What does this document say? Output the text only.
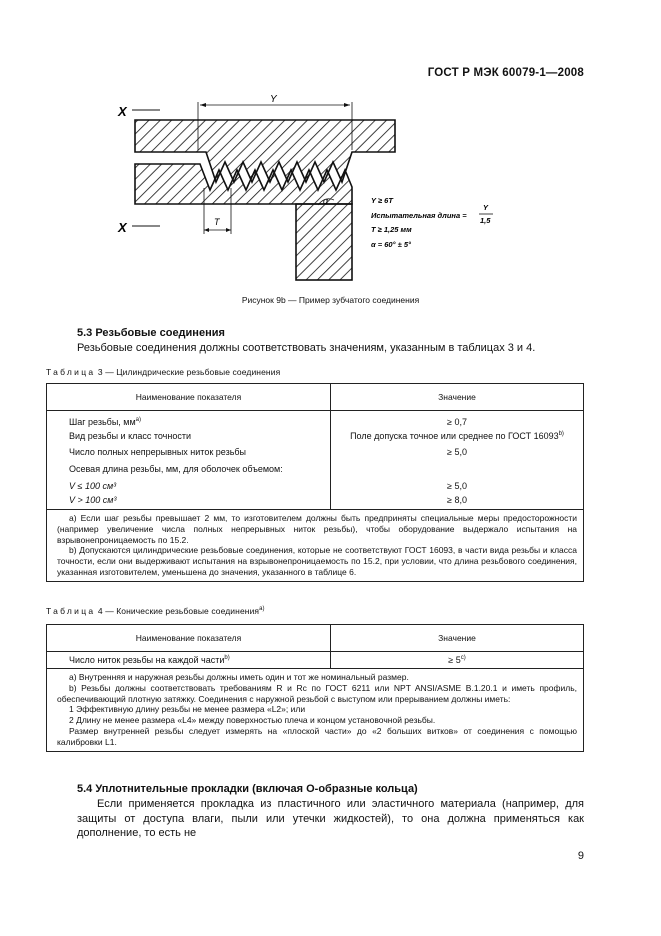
ГОСТ Р МЭК 60079-1—2008
X
X
Y
T
α	Y ≥ 6T
Испытательная длина =
Y
1,5
T ≥ 1,25 мм
α = 60° ± 5°
Рисунок 9b — Пример зубчатого соединения
5.3 Резьбовые соединения
Резьбовые соединения должны соответствовать значениям, указанным в таблицах 3 и 4.
Таблица 3 — Цилиндрические резьбовые соединения
Наименование показателя	Значение
Шаг резьбы, $мм^{a)}$	≥ 0,7
Вид резьбы и класс точности	Поле допуска точное или среднее по ГОСТ 16093$^{b)}$
Число полных непрерывных ниток резьбы	≥ 5,0
Осевая длина резьбы, мм, для оболочек объемом:	
V ≤ 100 см³	≥ 5,0
V > 100 см³	≥ 8,0

a) Если шаг резьбы превышает 2 мм, то изготовителем должны быть предприняты специальные меры предосторожности (например увеличение числа полных непрерывных ниток резьбы), чтобы оборудование выдержало испытания на взрывонепроницаемость по 15.2.

b) Допускаются цилиндрические резьбовые соединения, которые не соответствуют ГОСТ 16093, в части вида резьбы и класса точности, если они выдерживают испытания на взрывонепроницаемость по 15.2, при условии, что длина резьбового соединения, указанная изготовителем, уменьшена до значения, указанного в таблице 6.	

Таблица 4 — Конические резьбовые соединения$^{a)}$
Наименование показателя	Значение
Число ниток резьбы на каждой части$^{b)}$	≥ $5^{c)}$

a) Внутренняя и наружная резьбы должны иметь один и тот же номинальный размер.

b) Резьбы должны соответствовать требованиям R и Rc по ГОСТ 6211 или NPT ANSI/ASME B.1.20.1 и иметь профиль, обеспечивающий плотную затяжку. Соединения с наружной резьбой с выступом или прерыванием должны иметь:

1 Эффективную длину резьбы не менее размера «L2»; или

2 Длину не менее размера «L4» между поверхностью плеча и концом установочной резьбы.

Размер внутренней резьбы следует измерять на «плоской части» до «2 больших витков» от соединения с помощью калибровки L1.	

5.4 Уплотнительные прокладки (включая О-образные кольца)
Если применяется прокладка из пластичного или эластичного материала (например, для защиты от доступа влаги, пыли или утечки жидкостей), то она должна применяться как дополнение, то есть не
9
